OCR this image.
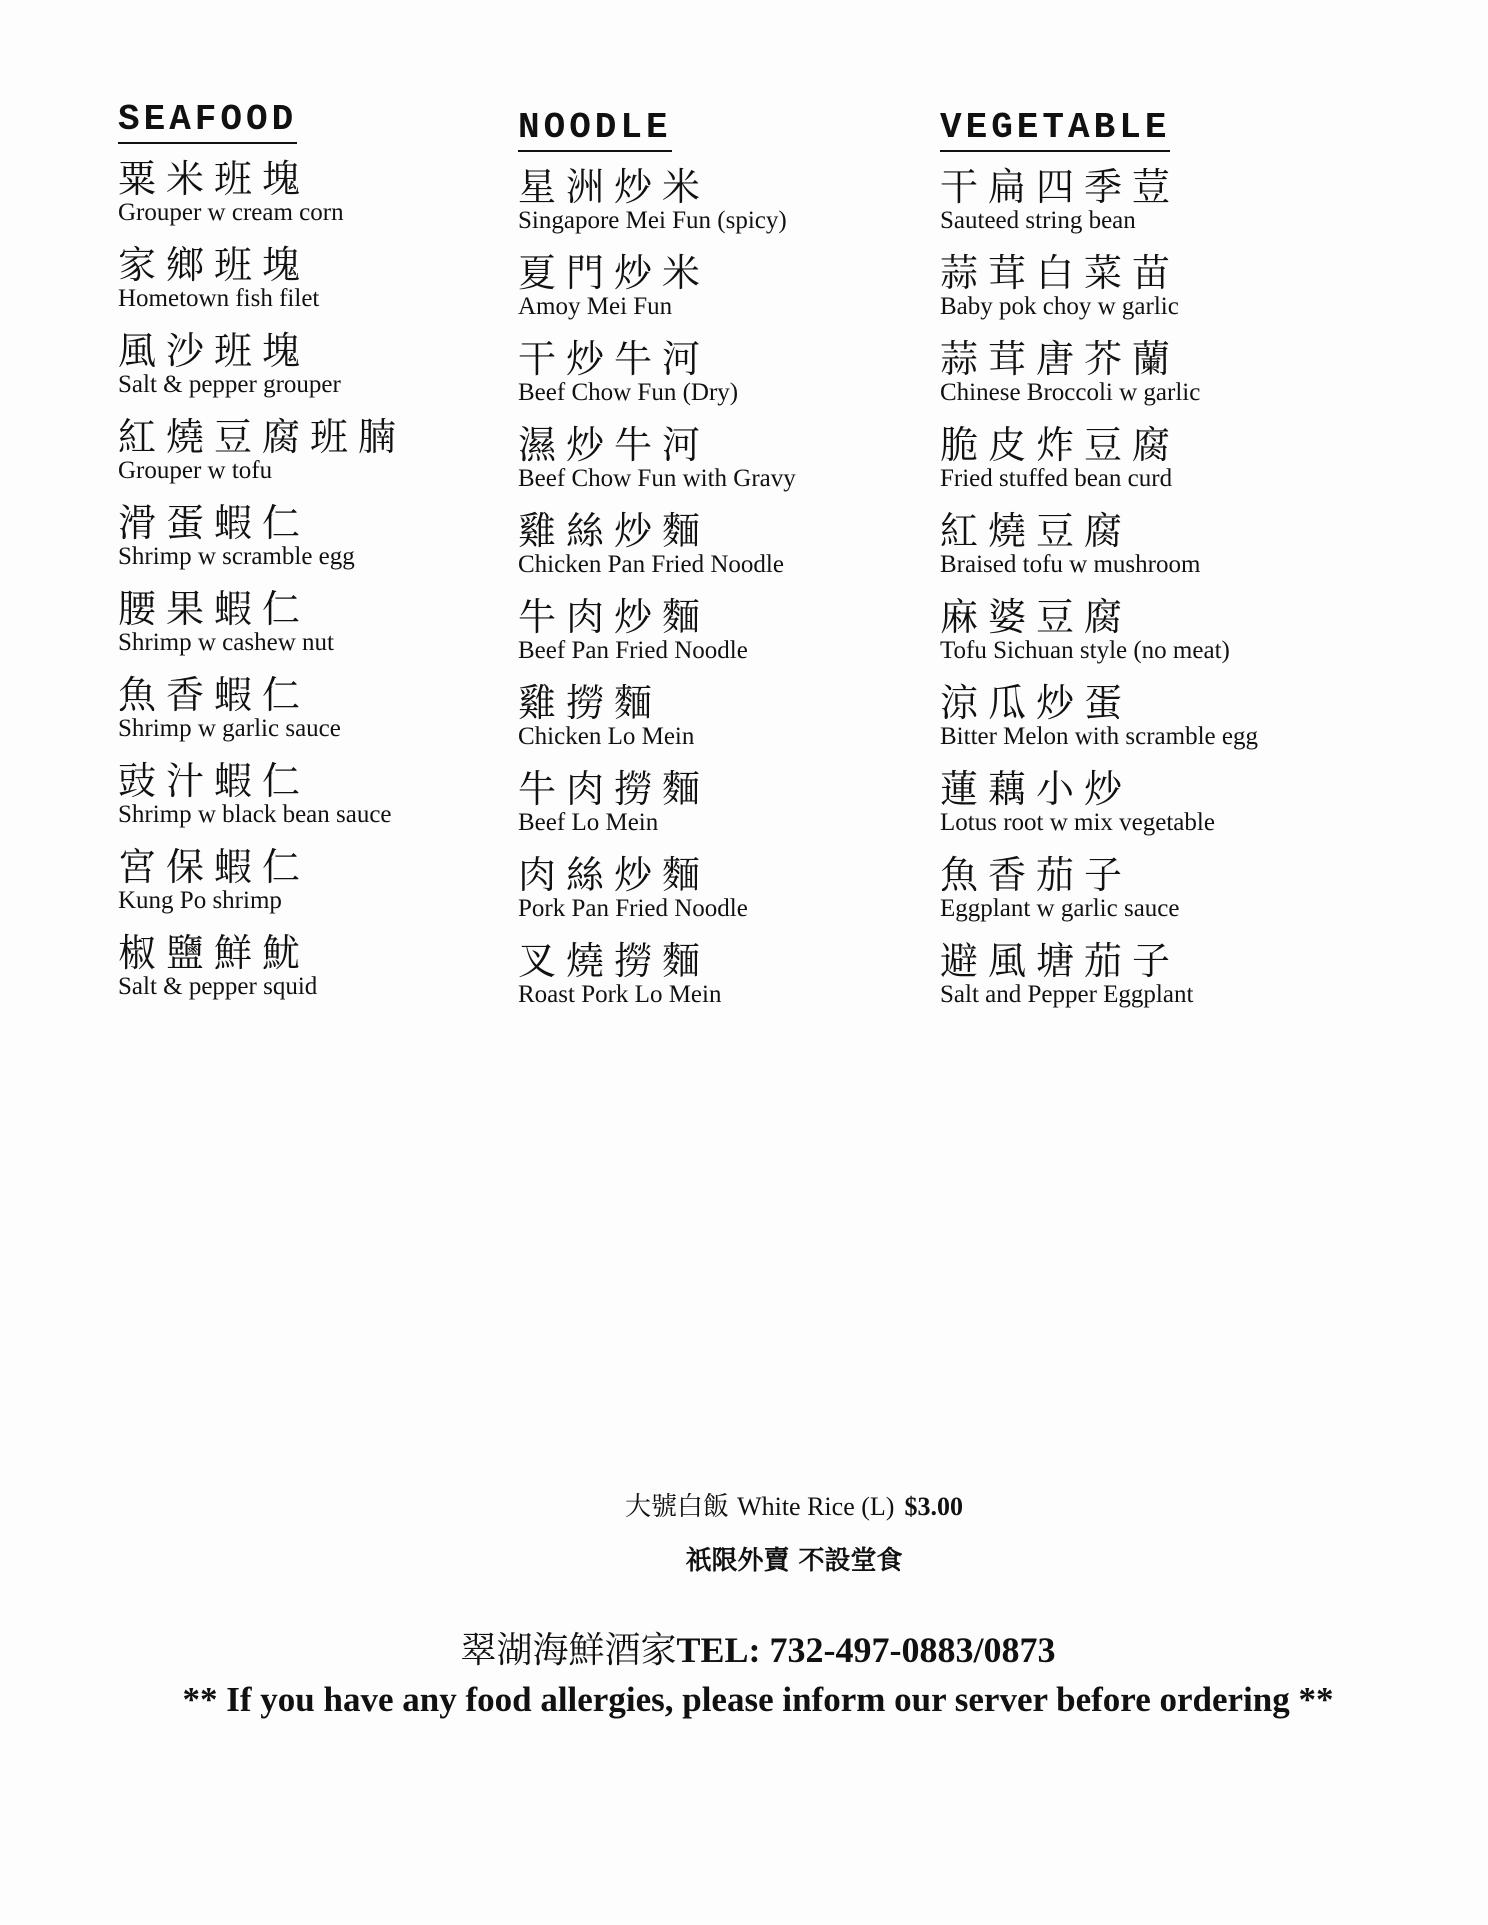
SEAFOOD
粟米班塊
Grouper w cream corn
家鄉班塊
Hometown fish filet
風沙班塊
Salt & pepper grouper
紅燒豆腐班腩
Grouper w tofu
滑蛋蝦仁
Shrimp w scramble egg
腰果蝦仁
Shrimp w cashew nut
魚香蝦仁
Shrimp w garlic sauce
豉汁蝦仁
Shrimp w black bean sauce
宮保蝦仁
Kung Po shrimp
椒鹽鮮魷
Salt & pepper squid
NOODLE
星洲炒米
Singapore Mei Fun (spicy)
夏門炒米
Amoy Mei Fun
干炒牛河
Beef Chow Fun (Dry)
濕炒牛河
Beef Chow Fun with Gravy
雞絲炒麵
Chicken Pan Fried Noodle
牛肉炒麵
Beef Pan Fried Noodle
雞撈麵
Chicken Lo Mein
牛肉撈麵
Beef Lo Mein
肉絲炒麵
Pork Pan Fried Noodle
叉燒撈麵
Roast Pork Lo Mein
VEGETABLE
干扁四季荳
Sauteed string bean
蒜茸白菜苗
Baby pok choy w garlic
蒜茸唐芥蘭
Chinese Broccoli w garlic
脆皮炸豆腐
Fried stuffed bean curd
紅燒豆腐
Braised tofu w mushroom
麻婆豆腐
Tofu Sichuan style (no meat)
涼瓜炒蛋
Bitter Melon with scramble egg
蓮藕小炒
Lotus root w mix vegetable
魚香茄子
Eggplant w garlic sauce
避風塘茄子
Salt and Pepper Eggplant
大號白飯 White Rice (L) $3.00
祇限外賣 不設堂食
翠湖海鮮酒家TEL: 732-497-0883/0873
** If you have any food allergies, please inform our server before ordering **
